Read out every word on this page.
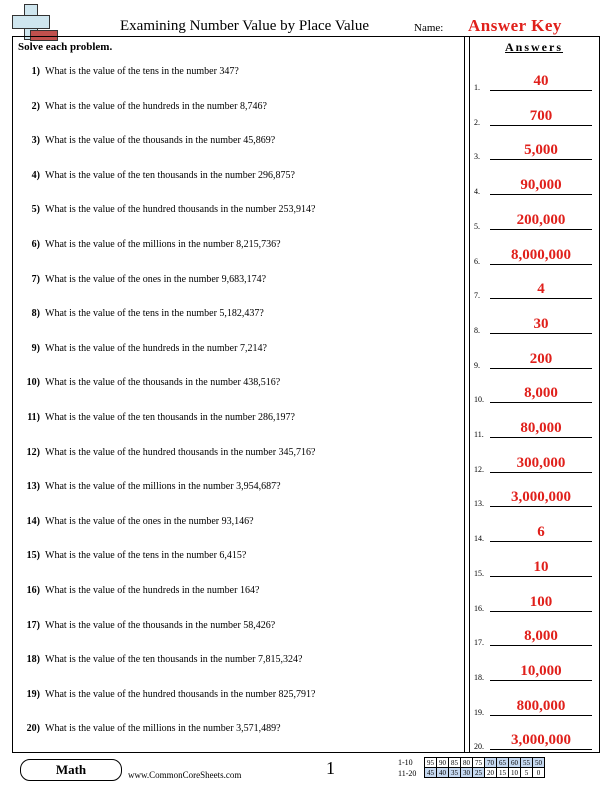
Examining Number Value by Place Value	Name: Answer Key
Solve each problem.	Answers
1) What is the value of the tens in the number 347?
2) What is the value of the hundreds in the number 8,746?
3) What is the value of the thousands in the number 45,869?
4) What is the value of the ten thousands in the number 296,875?
5) What is the value of the hundred thousands in the number 253,914?
6) What is the value of the millions in the number 8,215,736?
7) What is the value of the ones in the number 9,683,174?
8) What is the value of the tens in the number 5,182,437?
9) What is the value of the hundreds in the number 7,214?
10) What is the value of the thousands in the number 438,516?
11) What is the value of the ten thousands in the number 286,197?
12) What is the value of the hundred thousands in the number 345,716?
13) What is the value of the millions in the number 3,954,687?
14) What is the value of the ones in the number 93,146?
15) What is the value of the tens in the number 6,415?
16) What is the value of the hundreds in the number 164?
17) What is the value of the thousands in the number 58,426?
18) What is the value of the ten thousands in the number 7,815,324?
19) What is the value of the hundred thousands in the number 825,791?
20) What is the value of the millions in the number 3,571,489?
1.	40
2.	700
3.	5,000
4.	90,000
5.	200,000
6.	8,000,000
7.	4
8.	30
9.	200
10.	8,000
11.	80,000
12.	300,000
13.	3,000,000
14.	6
15.	10
16.	100
17.	8,000
18.	10,000
19.	800,000
20.	3,000,000
Math	www.CommonCoreSheets.com	1	1-10
11-20
95	90	85	80	75	70	65	60	55	50
45	40	35	30	25	20	15	10	5	0
